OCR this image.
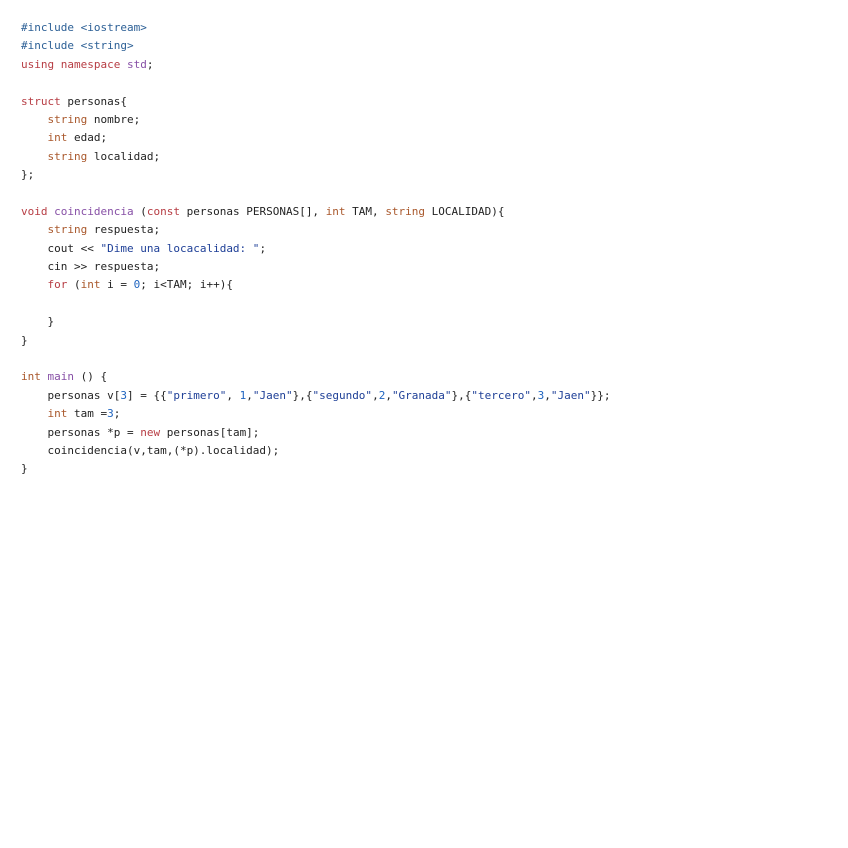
#include <iostream>
#include <string>
using namespace std;
struct personas{
string nombre;
int edad;
string localidad;
};
void coincidencia (const personas PERSONAS[], int TAM, string LOCALIDAD){
string respuesta;
cout << "Dime una locacalidad: ";
cin >> respuesta;
for (int i = 0; i<TAM; i++){
}
}
int main () {
personas v[3] = {{"primero", 1,"Jaen"},{"segundo",2,"Granada"},{"tercero",3,"Jaen"}};
int tam =3;
personas *p = new personas[tam];
coincidencia(v,tam,(*p).localidad);
}
